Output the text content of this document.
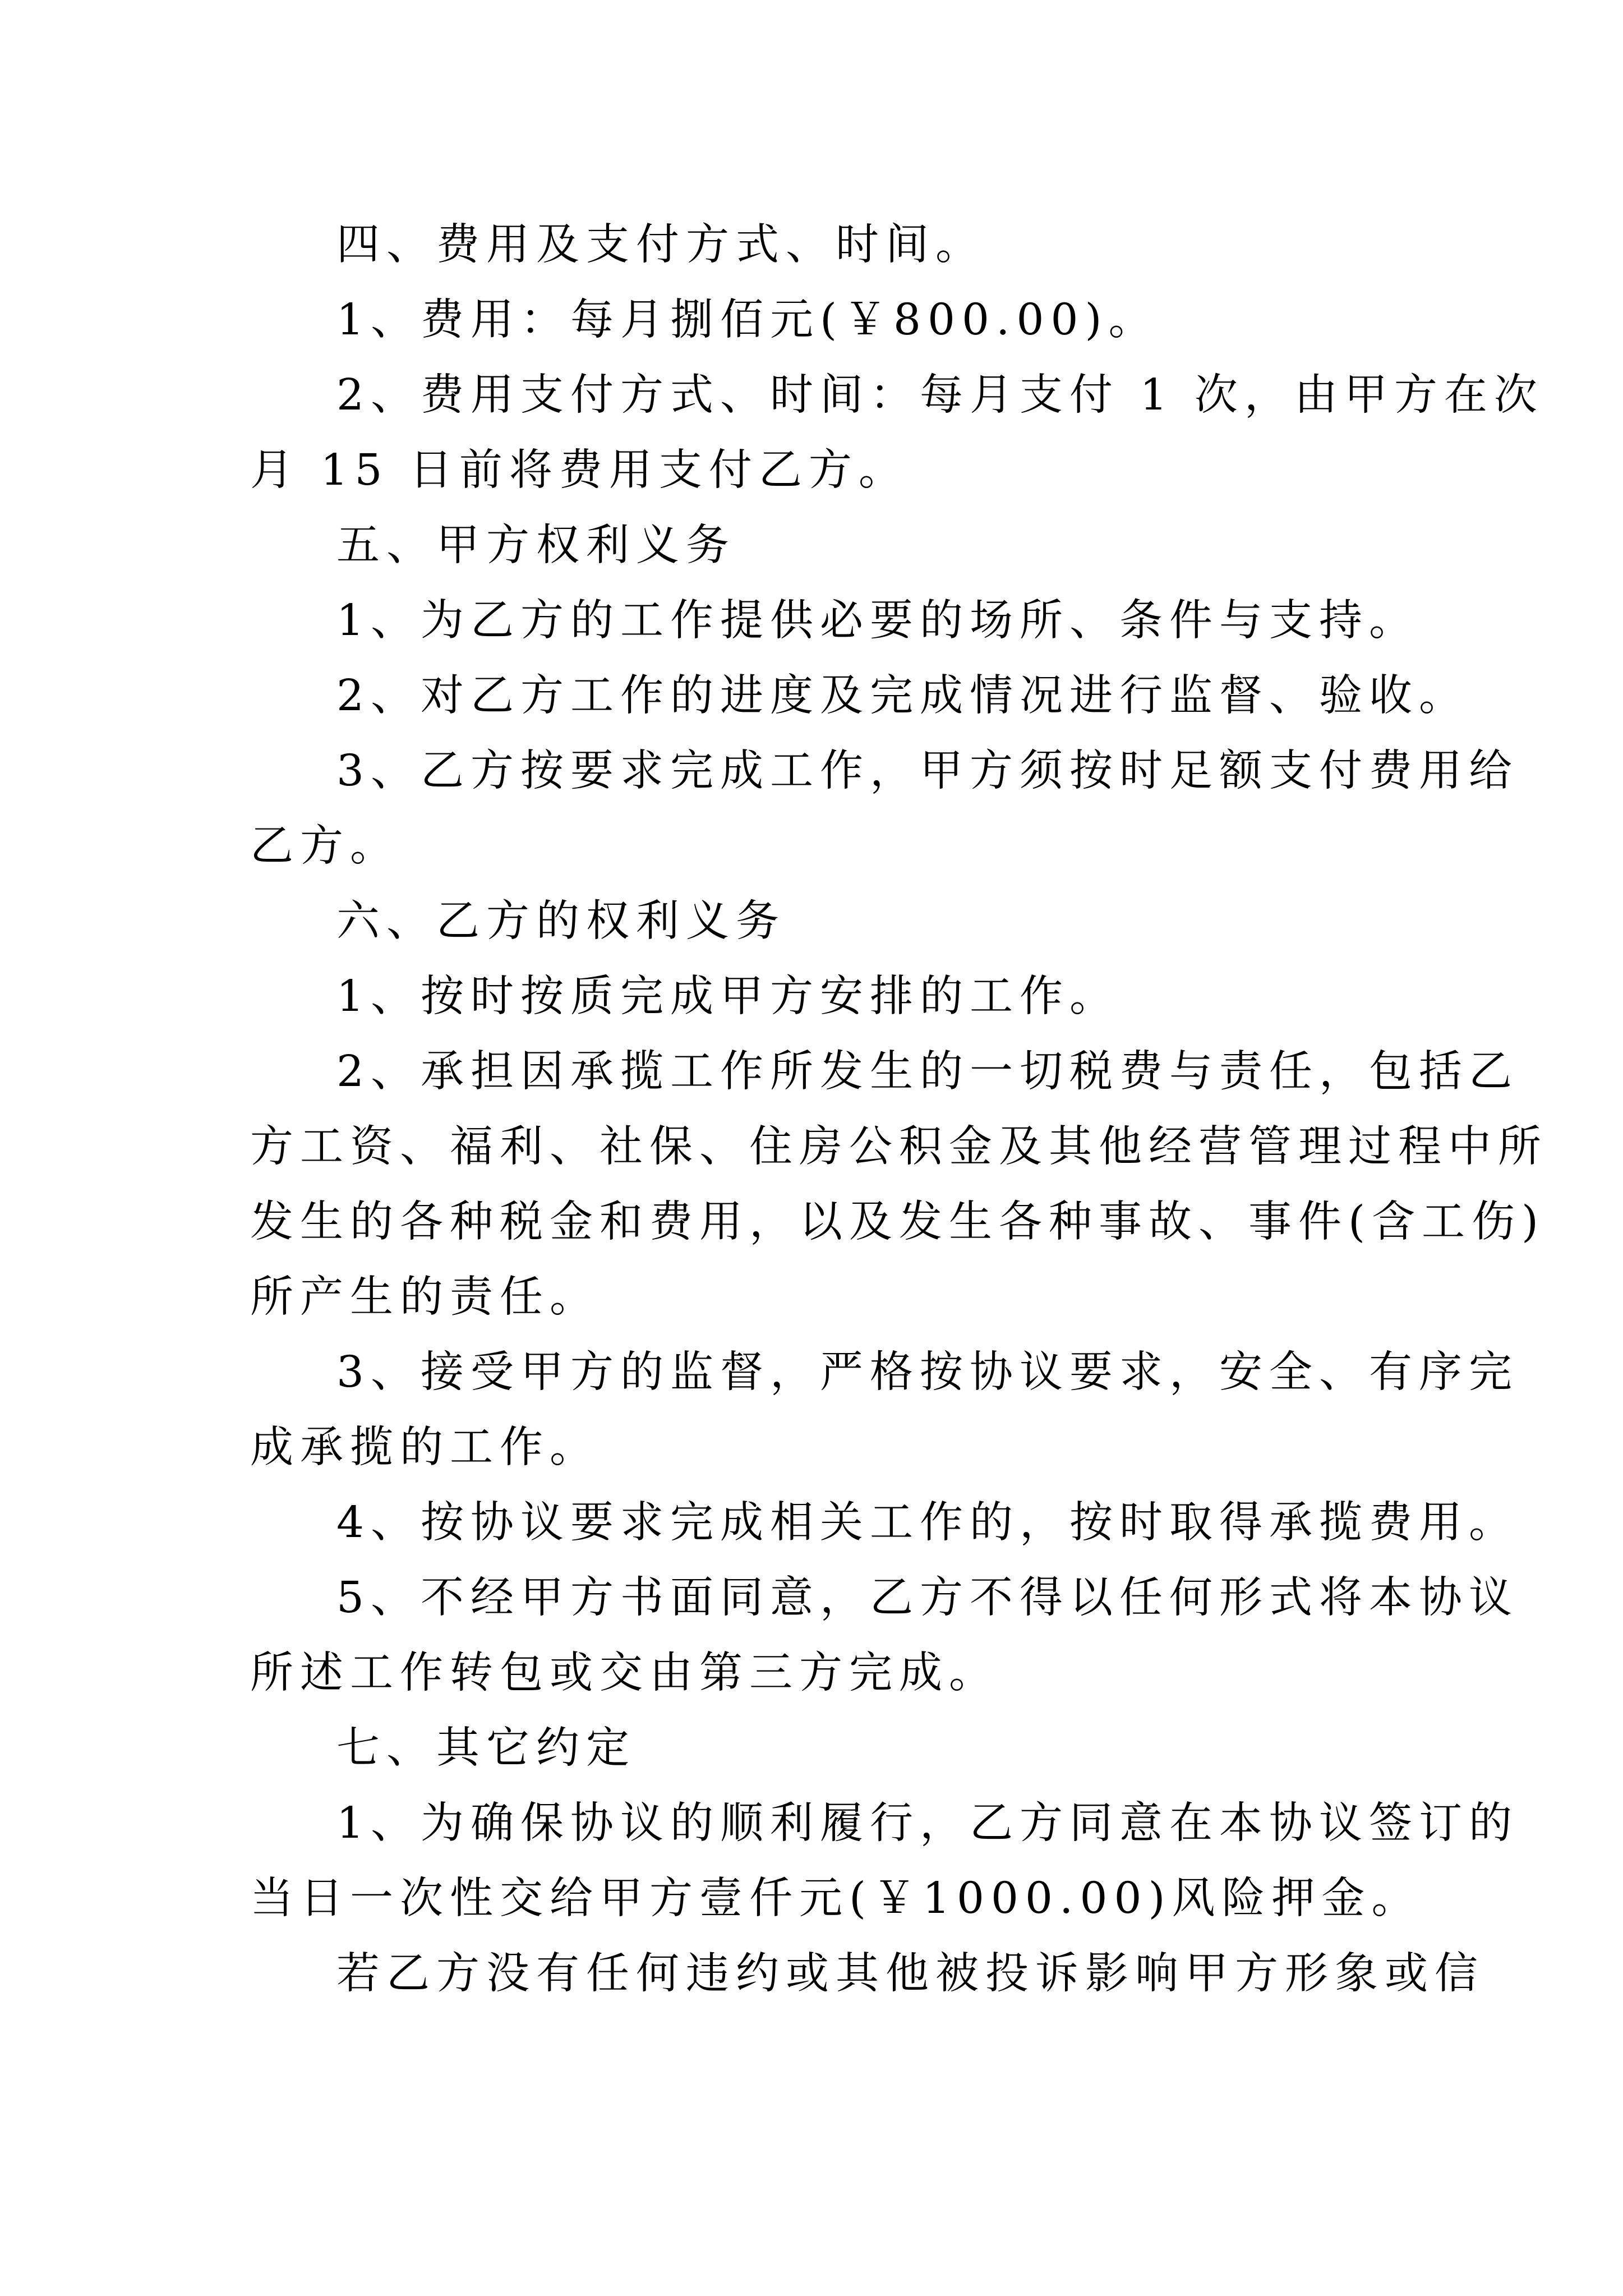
四、费用及支付方式、时间。
1、费用：每月捌佰元(￥800.00)。
2、费用支付方式、时间：每月支付 1 次，由甲方在次
月 15 日前将费用支付乙方。
五、甲方权利义务
1、为乙方的工作提供必要的场所、条件与支持。
2、对乙方工作的进度及完成情况进行监督、验收。
3、乙方按要求完成工作，甲方须按时足额支付费用给
乙方。
六、乙方的权利义务
1、按时按质完成甲方安排的工作。
2、承担因承揽工作所发生的一切税费与责任，包括乙
方工资、福利、社保、住房公积金及其他经营管理过程中所
发生的各种税金和费用，以及发生各种事故、事件(含工伤)
所产生的责任。
3、接受甲方的监督，严格按协议要求，安全、有序完
成承揽的工作。
4、按协议要求完成相关工作的，按时取得承揽费用。
5、不经甲方书面同意，乙方不得以任何形式将本协议
所述工作转包或交由第三方完成。
七、其它约定
1、为确保协议的顺利履行，乙方同意在本协议签订的
当日一次性交给甲方壹仟元(￥1000.00)风险押金。
若乙方没有任何违约或其他被投诉影响甲方形象或信
